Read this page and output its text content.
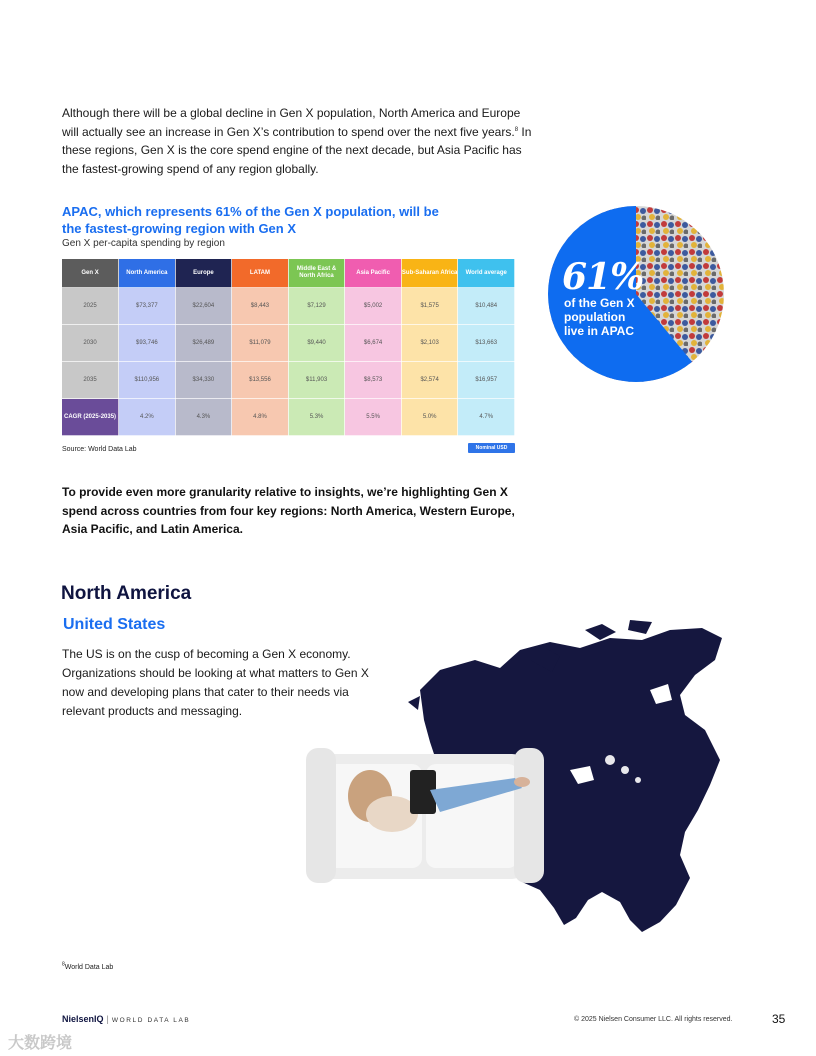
Although there will be a global decline in Gen X population, North America and Europe will actually see an increase in Gen X’s contribution to spend over the next five years.$^8$ In these regions, Gen X is the core spend engine of the next decade, but Asia Pacific has the fastest-growing spend of any region globally.
APAC, which represents 61% of the Gen X population, will be the fastest-growing region with Gen X
Gen X per-capita spending by region
Gen X	North America	Europe	LATAM	Middle East & North Africa	Asia Pacific	Sub-Saharan Africa	World average
2025	$73,377	$22,604	$8,443	$7,129	$5,002	$1,575	$10,484
2030	$93,746	$26,489	$11,079	$9,440	$6,674	$2,103	$13,663
2035	$110,956	$34,330	$13,556	$11,903	$8,573	$2,574	$16,957
CAGR (2025-2035)	4.2%	4.3%	4.8%	5.3%	5.5%	5.0%	4.7%
Source: World Data Lab	Nominal USD
61%
of the Gen X population live in APAC
To provide even more granularity relative to insights, we’re highlighting Gen X spend across countries from four key regions: North America, Western Europe, Asia Pacific, and Latin America.
North America
United States
The US is on the cusp of becoming a Gen X economy. Organizations should be looking at what matters to Gen X now and developing plans that cater to their needs via relevant products and messaging.
$^8$World Data Lab
NielsenIQ | WORLD DATA LAB	© 2025 Nielsen Consumer LLC. All rights reserved.	35
大数跨境
